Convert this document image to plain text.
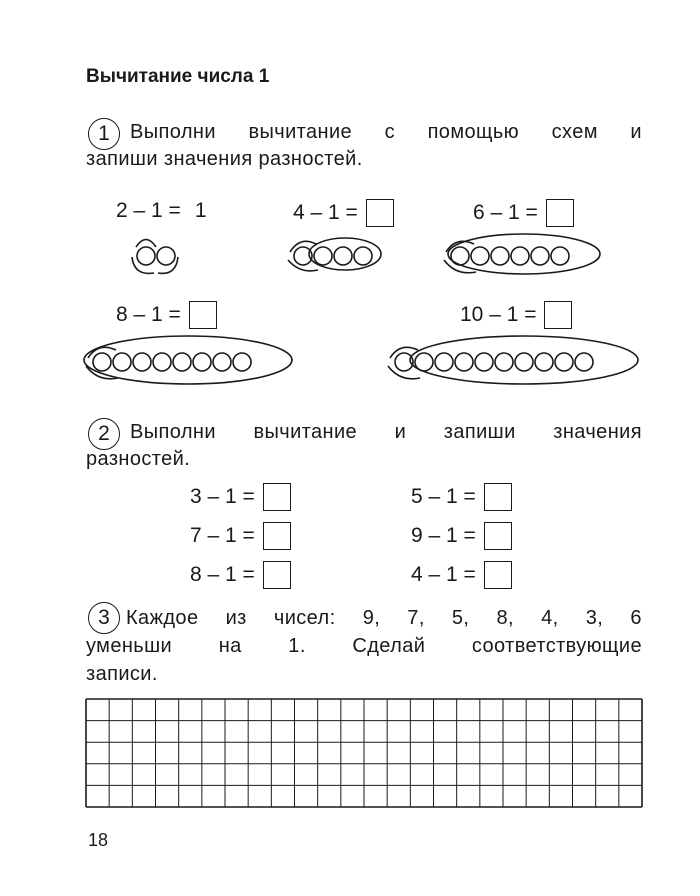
Вычитание числа 1
1	Выполни вычитание с помощью схем и
запиши значения разностей.
2 – 1 = 1	4 – 1 =	6 – 1 =
8 – 1 =	10 – 1 =
2	Выполни вычитание и запиши значения
разностей.
3 – 1 =	5 – 1 =
7 – 1 =	9 – 1 =
8 – 1 =	4 – 1 =
3 Каждое из чисел: 9, 7, 5, 8, 4, 3, 6
уменьши на 1. Сделай соответствующие
записи.
18
